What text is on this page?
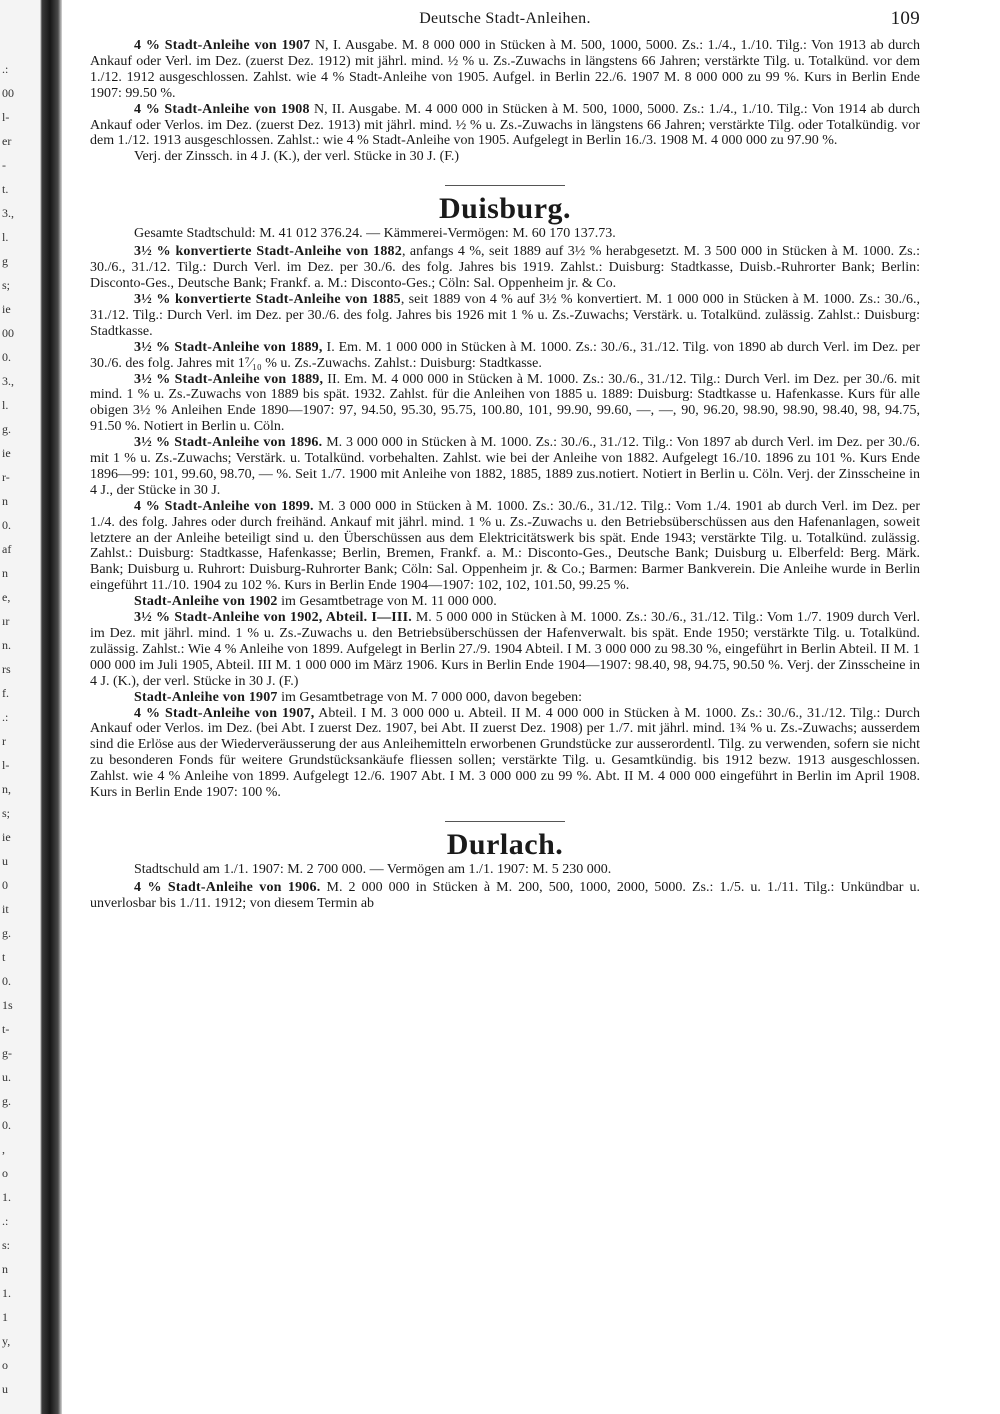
.:
00
l-
er
-
t.
3.,
l.
g
s;
ie
00
0.
3.,
l.
g.
ie
r-
n
0.
af
n
e,
ır
n.
rs
f.
.:
r
l-
n,
s;
ie
u
0
it
g.
t
0.
1s
t-
g-
u.
g.
0.
,
o
1.
.:
s:
n
1.
1
y,
o
u
Deutsche Stadt-Anleihen.	109

4 % Stadt-Anleihe von 1907 N, I. Ausgabe. M. 8 000 000 in Stücken à M. 500, 1000, 5000. Zs.: 1./4., 1./10. Tilg.: Von 1913 ab durch Ankauf oder Verl. im Dez. (zuerst Dez. 1912) mit jährl. mind. ½ % u. Zs.-Zuwachs in längstens 66 Jahren; verstärkte Tilg. u. Totalkünd. vor dem 1./12. 1912 ausgeschlossen. Zahlst. wie 4 % Stadt-Anleihe von 1905. Aufgel. in Berlin 22./6. 1907 M. 8 000 000 zu 99 %. Kurs in Berlin Ende 1907: 99.50 %.

4 % Stadt-Anleihe von 1908 N, II. Ausgabe. M. 4 000 000 in Stücken à M. 500, 1000, 5000. Zs.: 1./4., 1./10. Tilg.: Von 1914 ab durch Ankauf oder Verlos. im Dez. (zuerst Dez. 1913) mit jährl. mind. ½ % u. Zs.-Zuwachs in längstens 66 Jahren; verstärkte Tilg. oder Totalkündig. vor dem 1./12. 1913 ausgeschlossen. Zahlst.: wie 4 % Stadt-Anleihe von 1905. Aufgelegt in Berlin 16./3. 1908 M. 4 000 000 zu 97.90 %.

Verj. der Zinssch. in 4 J. (K.), der verl. Stücke in 30 J. (F.)

Duisburg.

Gesamte Stadtschuld: M. 41 012 376.24. — Kämmerei-Vermögen: M. 60 170 137.73.

3½ % konvertierte Stadt-Anleihe von 1882, anfangs 4 %, seit 1889 auf 3½ % herabgesetzt. M. 3 500 000 in Stücken à M. 1000. Zs.: 30./6., 31./12. Tilg.: Durch Verl. im Dez. per 30./6. des folg. Jahres bis 1919. Zahlst.: Duisburg: Stadtkasse, Duisb.-Ruhrorter Bank; Berlin: Disconto-Ges., Deutsche Bank; Frankf. a. M.: Disconto-Ges.; Cöln: Sal. Oppenheim jr. & Co.

3½ % konvertierte Stadt-Anleihe von 1885, seit 1889 von 4 % auf 3½ % konvertiert. M. 1 000 000 in Stücken à M. 1000. Zs.: 30./6., 31./12. Tilg.: Durch Verl. im Dez. per 30./6. des folg. Jahres bis 1926 mit 1 % u. Zs.-Zuwachs; Verstärk. u. Totalkünd. zulässig. Zahlst.: Duisburg: Stadtkasse.

3½ % Stadt-Anleihe von 1889, I. Em. M. 1 000 000 in Stücken à M. 1000. Zs.: 30./6., 31./12. Tilg. von 1890 ab durch Verl. im Dez. per 30./6. des folg. Jahres mit 1⁷⁄₁₀ % u. Zs.-Zuwachs. Zahlst.: Duisburg: Stadtkasse.

3½ % Stadt-Anleihe von 1889, II. Em. M. 4 000 000 in Stücken à M. 1000. Zs.: 30./6., 31./12. Tilg.: Durch Verl. im Dez. per 30./6. mit mind. 1 % u. Zs.-Zuwachs von 1889 bis spät. 1932. Zahlst. für die Anleihen von 1885 u. 1889: Duisburg: Stadtkasse u. Hafenkasse. Kurs für alle obigen 3½ % Anleihen Ende 1890—1907: 97, 94.50, 95.30, 95.75, 100.80, 101, 99.90, 99.60, —, —, 90, 96.20, 98.90, 98.90, 98.40, 98, 94.75, 91.50 %. Notiert in Berlin u. Cöln.

3½ % Stadt-Anleihe von 1896. M. 3 000 000 in Stücken à M. 1000. Zs.: 30./6., 31./12. Tilg.: Von 1897 ab durch Verl. im Dez. per 30./6. mit 1 % u. Zs.-Zuwachs; Verstärk. u. Totalkünd. vorbehalten. Zahlst. wie bei der Anleihe von 1882. Aufgelegt 16./10. 1896 zu 101 %. Kurs Ende 1896—99: 101, 99.60, 98.70, — %. Seit 1./7. 1900 mit Anleihe von 1882, 1885, 1889 zus.notiert. Notiert in Berlin u. Cöln. Verj. der Zinsscheine in 4 J., der Stücke in 30 J.

4 % Stadt-Anleihe von 1899. M. 3 000 000 in Stücken à M. 1000. Zs.: 30./6., 31./12. Tilg.: Vom 1./4. 1901 ab durch Verl. im Dez. per 1./4. des folg. Jahres oder durch freihänd. Ankauf mit jährl. mind. 1 % u. Zs.-Zuwachs u. den Betriebsüberschüssen aus den Hafenanlagen, soweit letztere an der Anleihe beteiligt sind u. den Überschüssen aus dem Elektricitätswerk bis spät. Ende 1943; verstärkte Tilg. u. Totalkünd. zulässig. Zahlst.: Duisburg: Stadtkasse, Hafenkasse; Berlin, Bremen, Frankf. a. M.: Disconto-Ges., Deutsche Bank; Duisburg u. Elberfeld: Berg. Märk. Bank; Duisburg u. Ruhrort: Duisburg-Ruhrorter Bank; Cöln: Sal. Oppenheim jr. & Co.; Barmen: Barmer Bankverein. Die Anleihe wurde in Berlin eingeführt 11./10. 1904 zu 102 %. Kurs in Berlin Ende 1904—1907: 102, 102, 101.50, 99.25 %.

Stadt-Anleihe von 1902 im Gesamtbetrage von M. 11 000 000.

3½ % Stadt-Anleihe von 1902, Abteil. I—III. M. 5 000 000 in Stücken à M. 1000. Zs.: 30./6., 31./12. Tilg.: Vom 1./7. 1909 durch Verl. im Dez. mit jährl. mind. 1 % u. Zs.-Zuwachs u. den Betriebsüberschüssen der Hafenverwalt. bis spät. Ende 1950; verstärkte Tilg. u. Totalkünd. zulässig. Zahlst.: Wie 4 % Anleihe von 1899. Aufgelegt in Berlin 27./9. 1904 Abteil. I M. 3 000 000 zu 98.30 %, eingeführt in Berlin Abteil. II M. 1 000 000 im Juli 1905, Abteil. III M. 1 000 000 im März 1906. Kurs in Berlin Ende 1904—1907: 98.40, 98, 94.75, 90.50 %. Verj. der Zinsscheine in 4 J. (K.), der verl. Stücke in 30 J. (F.)

Stadt-Anleihe von 1907 im Gesamtbetrage von M. 7 000 000, davon begeben:

4 % Stadt-Anleihe von 1907, Abteil. I M. 3 000 000 u. Abteil. II M. 4 000 000 in Stücken à M. 1000. Zs.: 30./6., 31./12. Tilg.: Durch Ankauf oder Verlos. im Dez. (bei Abt. I zuerst Dez. 1907, bei Abt. II zuerst Dez. 1908) per 1./7. mit jährl. mind. 1¾ % u. Zs.-Zuwachs; ausserdem sind die Erlöse aus der Wiederveräusserung der aus Anleihemitteln erworbenen Grundstücke zur ausserordentl. Tilg. zu verwenden, sofern sie nicht zu besonderen Fonds für weitere Grundstücksankäufe fliessen sollen; verstärkte Tilg. u. Gesamtkündig. bis 1912 bezw. 1913 ausgeschlossen. Zahlst. wie 4 % Anleihe von 1899. Aufgelegt 12./6. 1907 Abt. I M. 3 000 000 zu 99 %. Abt. II M. 4 000 000 eingeführt in Berlin im April 1908. Kurs in Berlin Ende 1907: 100 %.

Durlach.

Stadtschuld am 1./1. 1907: M. 2 700 000. — Vermögen am 1./1. 1907: M. 5 230 000.

4 % Stadt-Anleihe von 1906. M. 2 000 000 in Stücken à M. 200, 500, 1000, 2000, 5000. Zs.: 1./5. u. 1./11. Tilg.: Unkündbar u. unverlosbar bis 1./11. 1912; von diesem Termin ab
